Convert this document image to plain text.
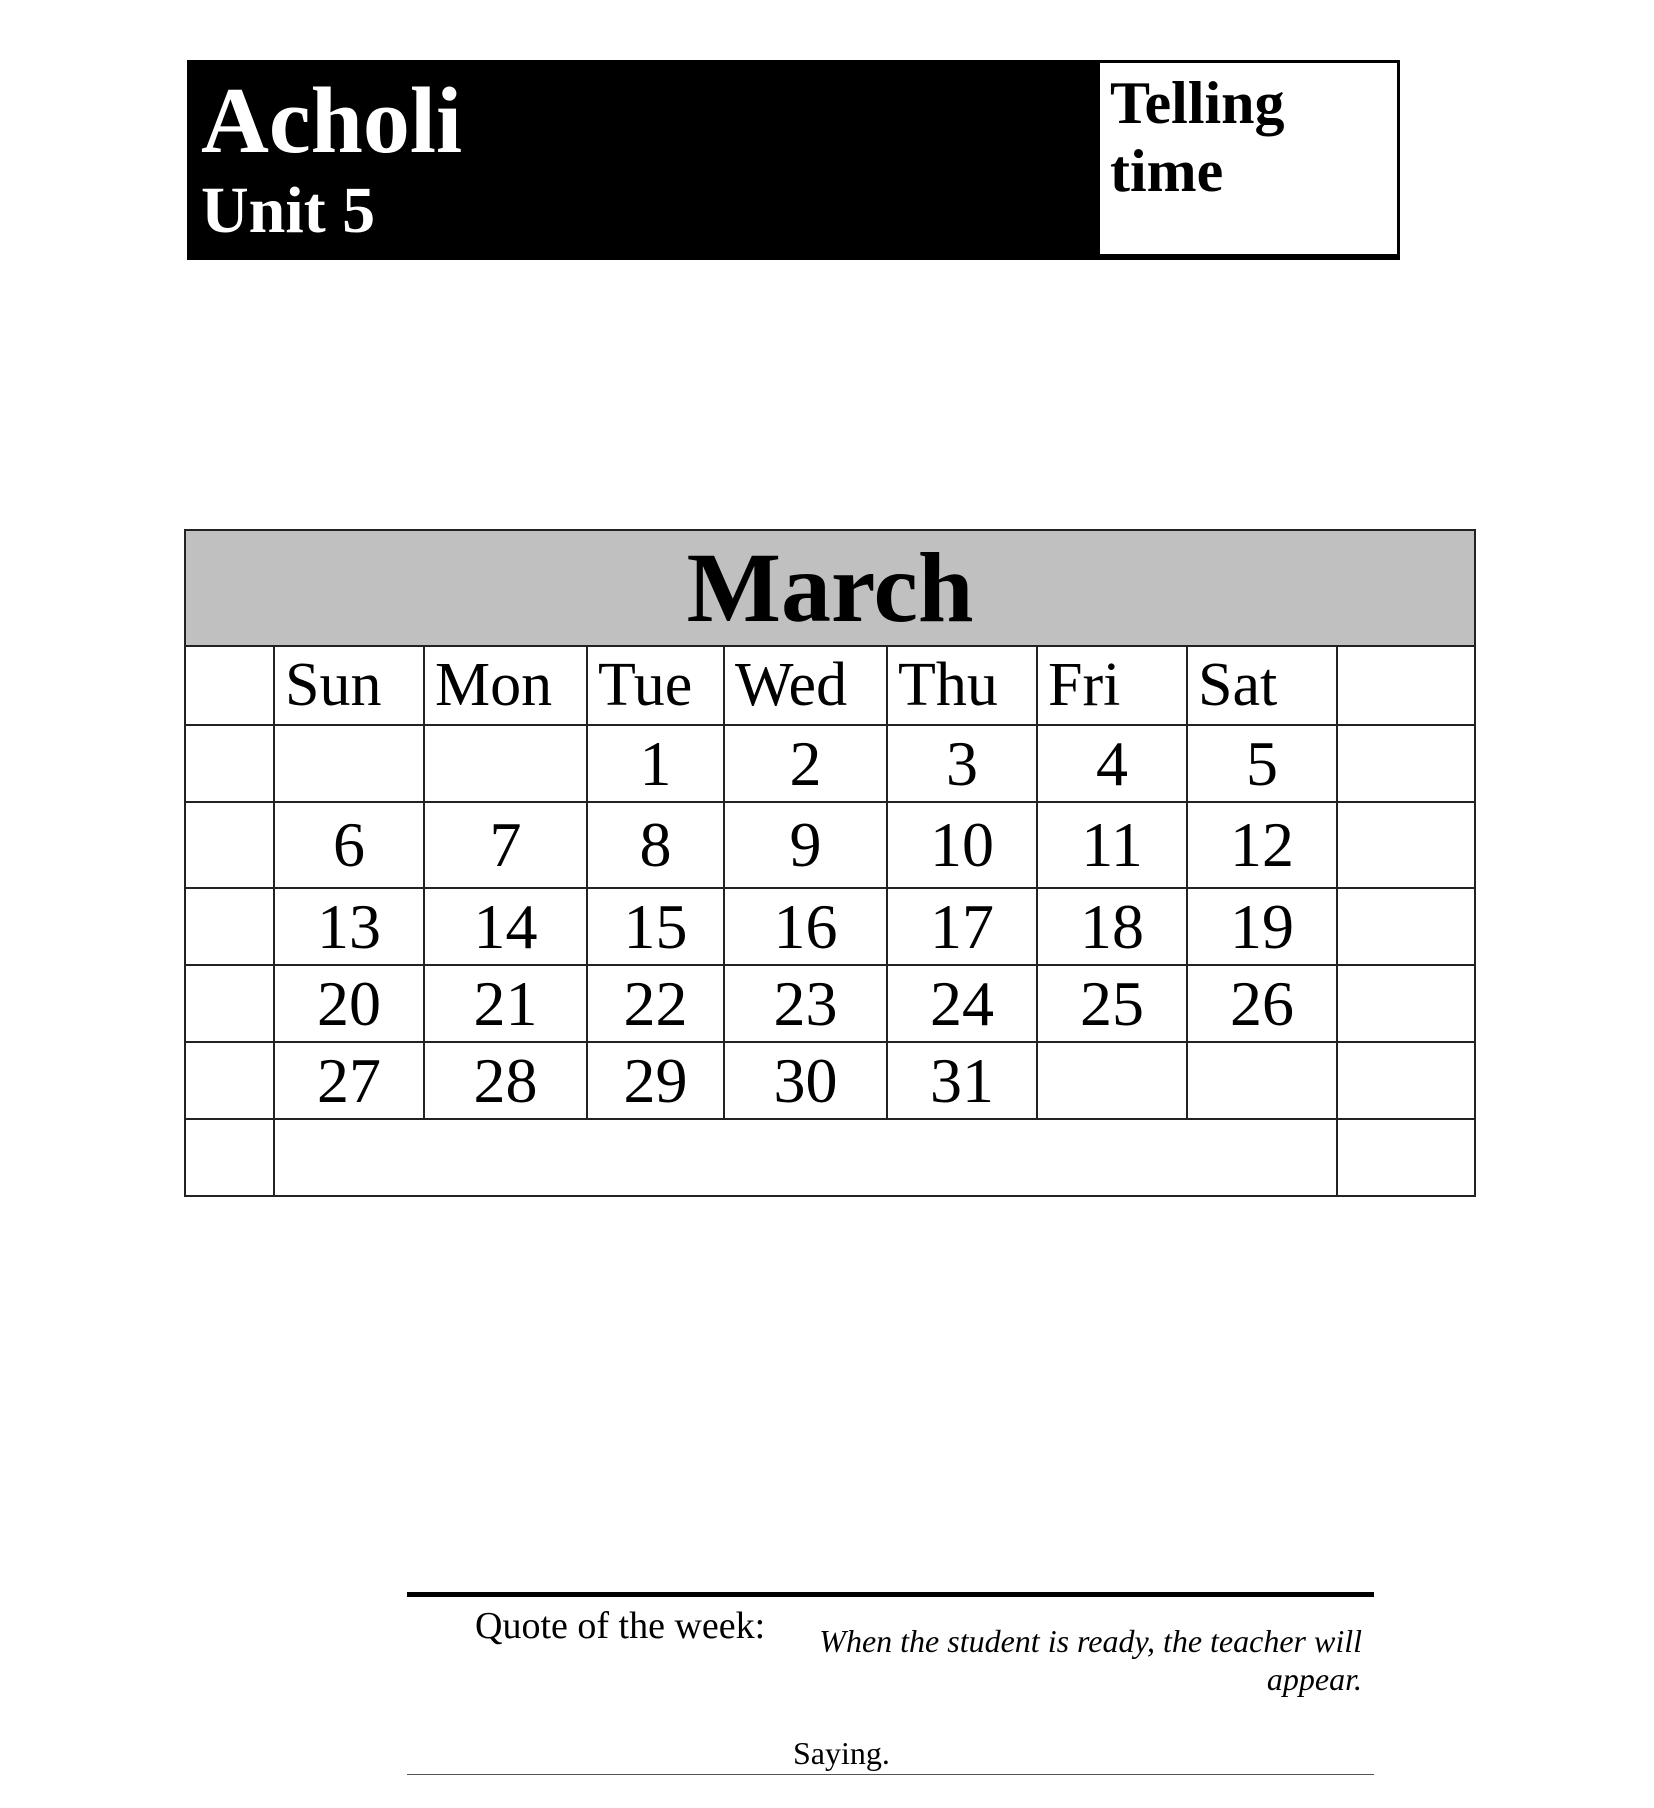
Acholi
Unit 5
Telling
time
March								
	Sun	Mon	Tue	Wed	Thu	Fri	Sat	
			1	2	3	4	5	
	6	7	8	9	10	11	12	
	13	14	15	16	17	18	19	
	20	21	22	23	24	25	26	
	27	28	29	30	31			

Quote of the week:	When the student is ready, the teacher will appear.
Saying.
